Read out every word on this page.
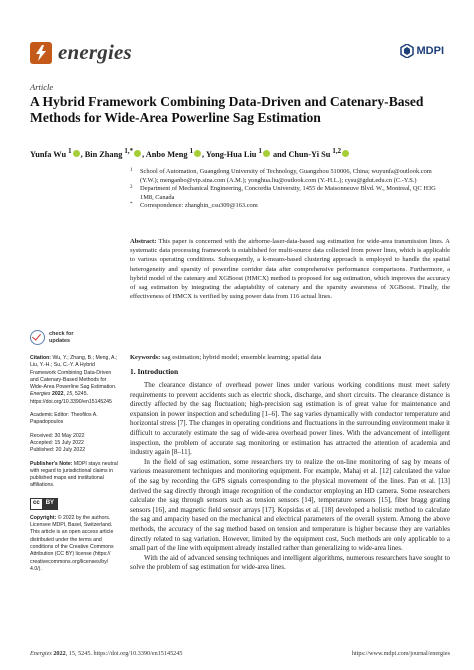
energies	MDPI
Article
A Hybrid Framework Combining Data-Driven and Catenary-Based Methods for Wide-Area Powerline Sag Estimation
Yunfa Wu $^1$ , Bin Zhang $^{1,*}$ , Anbo Meng $^1$ , Yong-Hua Liu $^1$ and Chun-Yi Su $^{1,2}$
1 School of Automation, Guangdong University of Technology, Guangzhou 510006, China; wuyunfa@outlook.com (Y.W.); menganbo@vip.sina.com (A.M.); yonghua.liu@outlook.com (Y.-H.L.); cysu@gdut.edu.cn (C.-Y.S.)
2 Department of Mechanical Engineering, Concordia University, 1455 de Maisonneuve Blvd. W., Montreal, QC H3G 1M8, Canada
* Correspondence: zhangbin_csu309@163.com
Abstract: This paper is concerned with the airborne-laser-data-based sag estimation for wide-area transmission lines. A systematic data processing framework is established for multi-source data collected from power lines, which is applicable to various operating conditions. Subsequently, a k-means-based clustering approach is employed to handle the spatial heterogeneity and sparsity of powerline corridor data after comprehensive performance comparisons. Furthermore, a hybrid model of the catenary and XGBoost (HMCX) method is proposed for sag estimation, which improves the accuracy of sag estimation by integrating the adaptability of catenary and the sparsity awareness of XGBoost. Finally, the effectiveness of HMCX is verified by using power data from 116 actual lines.
Keywords: sag estimation; hybrid model; ensemble learning; spatial data
check for
updates
Citation: Wu, Y.; Zhang, B.; Meng, A.; Liu, Y.-H.; Su, C.-Y. A Hybrid Framework Combining Data-Driven and Catenary-Based Methods for Wide-Area Powerline Sag Estimation. Energies 2022, 15, 5245. https://doi.org/10.3390/en15145245
Academic Editor: Theofilos A. Papadopoulos
Received: 30 May 2022
Accepted: 15 July 2022
Published: 20 July 2022
Publisher's Note: MDPI stays neutral with regard to jurisdictional claims in published maps and institutional affiliations.
cc	BY
Copyright: © 2022 by the authors. Licensee MDPI, Basel, Switzerland. This article is an open access article distributed under the terms and conditions of the Creative Commons Attribution (CC BY) license (https:// creativecommons.org/licenses/by/ 4.0/).
1. Introduction

The clearance distance of overhead power lines under various working conditions must meet safety requirements to prevent accidents such as electric shock, discharge, and short circuits. The clearance distance is directly affected by the sag fluctuation; high-precision sag estimation is of great value for maintenance and expansion in power inspection and scheduling [1–6]. The sag varies dynamically with conductor temperature and horizontal stress [7]. The changes in operating conditions and fluctuations in the surrounding environment make it difficult to accurately estimate the sag of wide-area overhead power lines. With the advancement of intelligent inspection, the problem of accurate sag monitoring or estimation has attracted the attention of academia and industry again [8–11].

In the field of sag estimation, some researchers try to realize the on-line monitoring of sag by means of various measurement techniques and monitoring equipment. For example, Mahaj et al. [12] calculated the value of the sag by recording the GPS signals corresponding to the physical movement of the lines. Pan et al. [13] derived the sag directly through image recognition of the conductor employing an HD camera. Some researchers calculate the sag through sensors such as tension sensors [14], temperature sensors [15], fiber bragg grating sensors [16], and magnetic field sensor arrays [17]. Kopsidas et al. [18] developed a holistic method to calculate the sag and ampacity based on the mechanical and electrical parameters of the overall system. Among the above methods, the accuracy of the sag method based on tension and temperature is higher because they are variables directly related to sag variation. However, limited by the equipment cost, Such methods are only applicable to a small part of the line with equipment already installed rather than generalizing to wide-area lines.

With the aid of advanced sensing techniques and intelligent algorithms, numerous researchers have sought to solve the problem of sag estimation for wide-area lines.

Energies 2022, 15, 5245. https://doi.org/10.3390/en15145245	https://www.mdpi.com/journal/energies
